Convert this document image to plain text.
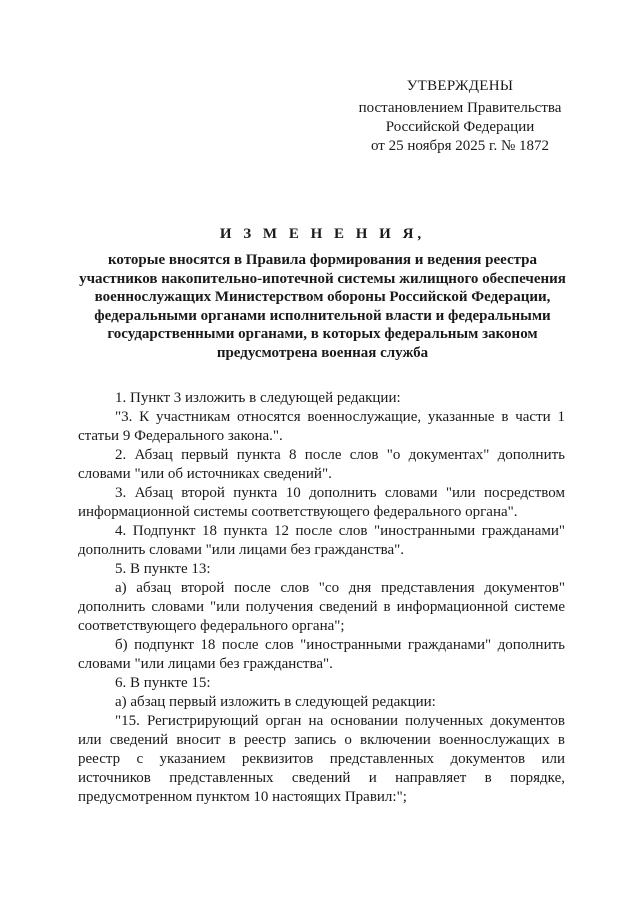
УТВЕРЖДЕНЫ
постановлением Правительства
Российской Федерации
от 25 ноября 2025 г. № 1872
И З М Е Н Е Н И Я,
которые вносятся в Правила формирования и ведения реестра участников накопительно-ипотечной системы жилищного обеспечения военнослужащих Министерством обороны Российской Федерации, федеральными органами исполнительной власти и федеральными государственными органами, в которых федеральным законом предусмотрена военная служба

1. Пункт 3 изложить в следующей редакции:

"3. К участникам относятся военнослужащие, указанные в части 1 статьи 9 Федерального закона.".

2. Абзац первый пункта 8 после слов "о документах" дополнить словами "или об источниках сведений".

3. Абзац второй пункта 10 дополнить словами "или посредством информационной системы соответствующего федерального органа".

4. Подпункт 18 пункта 12 после слов "иностранными гражданами" дополнить словами "или лицами без гражданства".

5. В пункте 13:

а) абзац второй после слов "со дня представления документов" дополнить словами "или получения сведений в информационной системе соответствующего федерального органа";

б) подпункт 18 после слов "иностранными гражданами" дополнить словами "или лицами без гражданства".

6. В пункте 15:

а) абзац первый изложить в следующей редакции:

"15. Регистрирующий орган на основании полученных документов или сведений вносит в реестр запись о включении военнослужащих в реестр с указанием реквизитов представленных документов или источников представленных сведений и направляет в порядке, предусмотренном пунктом 10 настоящих Правил:";
